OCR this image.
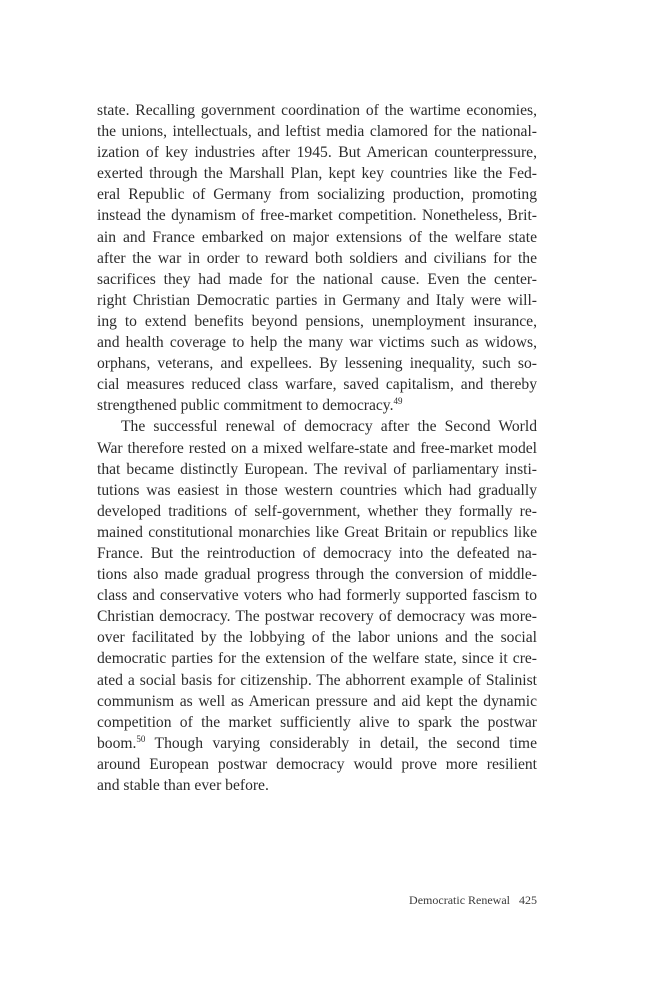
state. Recalling government coordination of the wartime economies,
the unions, intellectuals, and leftist media clamored for the national-
ization of key industries after 1945. But American counterpressure,
exerted through the Marshall Plan, kept key countries like the Fed-
eral Republic of Germany from socializing production, promoting
instead the dynamism of free-market competition. Nonetheless, Brit-
ain and France embarked on major extensions of the welfare state
after the war in order to reward both soldiers and civilians for the
sacrifices they had made for the national cause. Even the center-
right Christian Democratic parties in Germany and Italy were will-
ing to extend benefits beyond pensions, unemployment insurance,
and health coverage to help the many war victims such as widows,
orphans, veterans, and expellees. By lessening inequality, such so-
cial measures reduced class warfare, saved capitalism, and thereby
strengthened public commitment to democracy.$^{49}$
The successful renewal of democracy after the Second World
War therefore rested on a mixed welfare-state and free-market model
that became distinctly European. The revival of parliamentary insti-
tutions was easiest in those western countries which had gradually
developed traditions of self-government, whether they formally re-
mained constitutional monarchies like Great Britain or republics like
France. But the reintroduction of democracy into the defeated na-
tions also made gradual progress through the conversion of middle-
class and conservative voters who had formerly supported fascism to
Christian democracy. The postwar recovery of democracy was more-
over facilitated by the lobbying of the labor unions and the social
democratic parties for the extension of the welfare state, since it cre-
ated a social basis for citizenship. The abhorrent example of Stalinist
communism as well as American pressure and aid kept the dynamic
competition of the market sufficiently alive to spark the postwar
boom.$^{50}$ Though varying considerably in detail, the second time
around European postwar democracy would prove more resilient
and stable than ever before.
Democratic Renewal 425
